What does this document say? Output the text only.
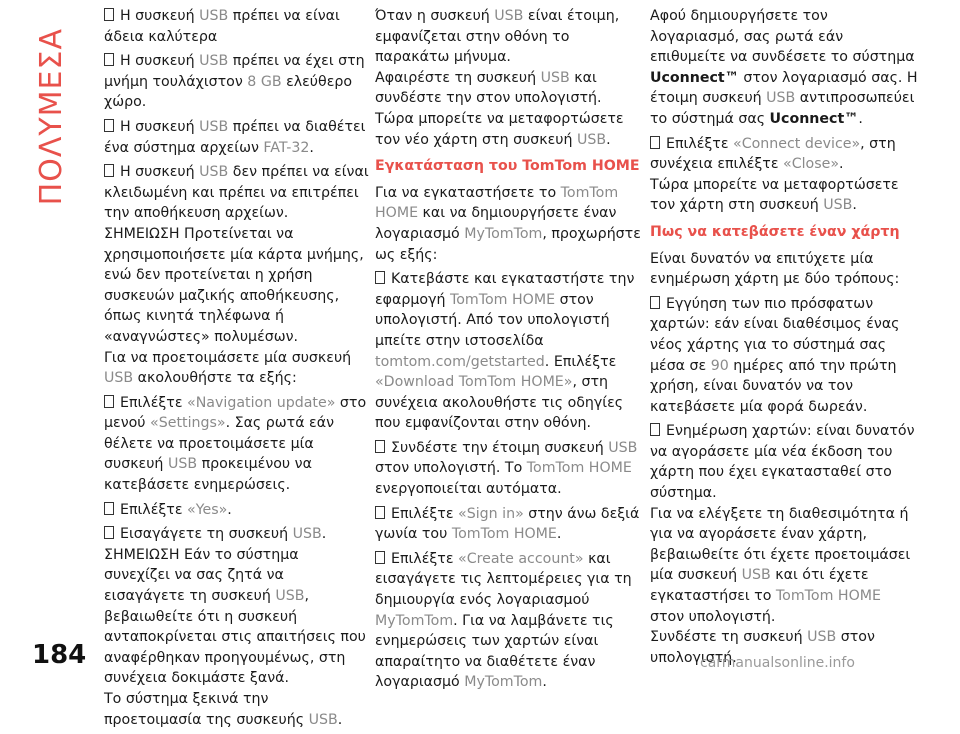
ΠΟΛΥΜΕΣΑ

Η συσκευή USB πρέπει να είναι άδεια καλύτερα

Η συσκευή USB πρέπει να έχει στη μνήμη τουλάχιστον 8 GB ελεύθερο χώρο.

Η συσκευή USB πρέπει να διαθέτει ένα σύστημα αρχείων FAT-32.

Η συσκευή USB δεν πρέπει να είναι κλειδωμένη και πρέπει να επιτρέπει την αποθήκευση αρχείων.

ΣΗΜΕΙΩΣΗ Προτείνεται να χρησιμοποιήσετε μία κάρτα μνήμης, ενώ δεν προτείνεται η χρήση συσκευών μαζικής αποθήκευσης, όπως κινητά τηλέφωνα ή «αναγνώστες» πολυμέσων.

Για να προετοιμάσετε μία συσκευή USB ακολουθήστε τα εξής:

Επιλέξτε «Navigation update» στο μενού «Settings». Σας ρωτά εάν θέλετε να προετοιμάσετε μία συσκευή USB προκειμένου να κατεβάσετε ενημερώσεις.

Επιλέξτε «Yes».

Εισαγάγετε τη συσκευή USB.

ΣΗΜΕΙΩΣΗ Εάν το σύστημα συνεχίζει να σας ζητά να εισαγάγετε τη συσκευή USB, βεβαιωθείτε ότι η συσκευή ανταποκρίνεται στις απαιτήσεις που αναφέρθηκαν προηγουμένως, στη συνέχεια δοκιμάστε ξανά.

Το σύστημα ξεκινά την προετοιμασία της συσκευής USB.

Όταν η συσκευή USB είναι έτοιμη, εμφανίζεται στην οθόνη το παρακάτω μήνυμα.

Αφαιρέστε τη συσκευή USB και συνδέστε την στον υπολογιστή. Τώρα μπορείτε να μεταφορτώσετε τον νέο χάρτη στη συσκευή USB.

Εγκατάσταση του TomTom HOME

Για να εγκαταστήσετε το TomTom HOME και να δημιουργήσετε έναν λογαριασμό MyTomTom, προχωρήστε ως εξής:

Κατεβάστε και εγκαταστήστε την εφαρμογή TomTom HOME στον υπολογιστή. Από τον υπολογιστή μπείτε στην ιστοσελίδα tomtom.com/getstarted. Επιλέξτε «Download TomTom HOME», στη συνέχεια ακολουθήστε τις οδηγίες που εμφανίζονται στην οθόνη.

Συνδέστε την έτοιμη συσκευή USB στον υπολογιστή. Το TomTom HOME ενεργοποιείται αυτόματα.

Επιλέξτε «Sign in» στην άνω δεξιά γωνία του TomTom HOME.

Επιλέξτε «Create account» και εισαγάγετε τις λεπτομέρειες για τη δημιουργία ενός λογαριασμού MyTomTom. Για να λαμβάνετε τις ενημερώσεις των χαρτών είναι απαραίτητο να διαθέτετε έναν λογαριασμό MyTomTom.

Αφού δημιουργήσετε τον λογαριασμό, σας ρωτά εάν επιθυμείτε να συνδέσετε το σύστημα Uconnect™ στον λογαριασμό σας. Η έτοιμη συσκευή USB αντιπροσωπεύει το σύστημά σας Uconnect™.

Επιλέξτε «Connect device», στη συνέχεια επιλέξτε «Close».

Τώρα μπορείτε να μεταφορτώσετε τον χάρτη στη συσκευή USB.

Πως να κατεβάσετε έναν χάρτη

Είναι δυνατόν να επιτύχετε μία ενημέρωση χάρτη με δύο τρόπους:

Εγγύηση των πιο πρόσφατων χαρτών: εάν είναι διαθέσιμος ένας νέος χάρτης για το σύστημά σας μέσα σε 90 ημέρες από την πρώτη χρήση, είναι δυνατόν να τον κατεβάσετε μία φορά δωρεάν.

Ενημέρωση χαρτών: είναι δυνατόν να αγοράσετε μία νέα έκδοση του χάρτη που έχει εγκατασταθεί στο σύστημα.

Για να ελέγξετε τη διαθεσιμότητα ή για να αγοράσετε έναν χάρτη, βεβαιωθείτε ότι έχετε προετοιμάσει μία συσκευή USB και ότι έχετε εγκαταστήσει το TomTom HOME στον υπολογιστή.

Συνδέστε τη συσκευή USB στον υπολογιστή.

184	carmanualsonline.info
